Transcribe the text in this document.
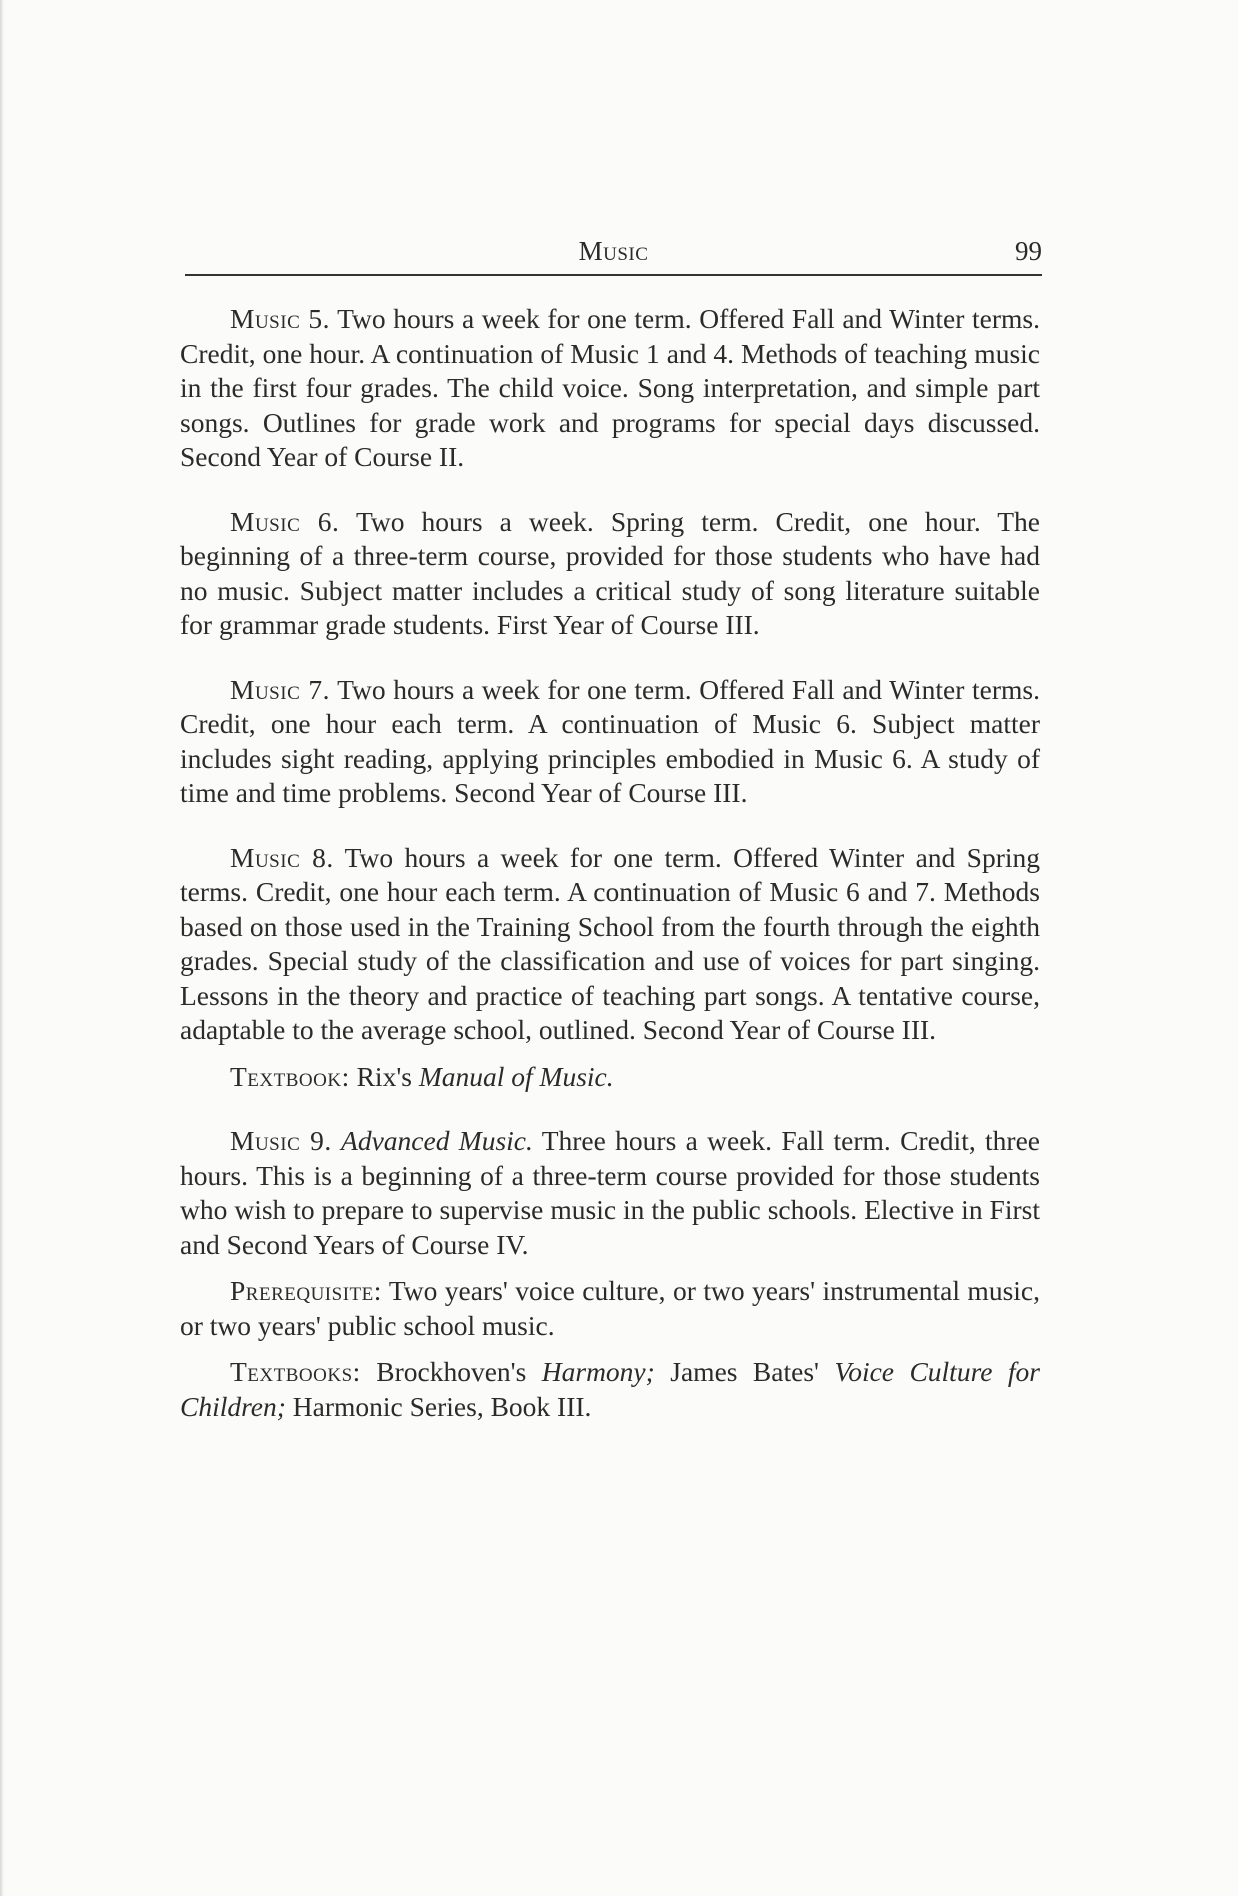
Music	99

Music 5. Two hours a week for one term. Offered Fall and Winter terms. Credit, one hour. A continuation of Music 1 and 4. Methods of teaching music in the first four grades. The child voice. Song interpretation, and simple part songs. Outlines for grade work and programs for special days discussed. Second Year of Course II.

Music 6. Two hours a week. Spring term. Credit, one hour. The beginning of a three-term course, provided for those students who have had no music. Subject matter includes a critical study of song literature suitable for grammar grade students. First Year of Course III.

Music 7. Two hours a week for one term. Offered Fall and Winter terms. Credit, one hour each term. A continuation of Music 6. Subject matter includes sight reading, applying principles embodied in Music 6. A study of time and time problems. Second Year of Course III.

Music 8. Two hours a week for one term. Offered Winter and Spring terms. Credit, one hour each term. A continuation of Music 6 and 7. Methods based on those used in the Training School from the fourth through the eighth grades. Special study of the classification and use of voices for part singing. Lessons in the theory and practice of teaching part songs. A tentative course, adaptable to the average school, outlined. Second Year of Course III.

Textbook: Rix's Manual of Music.

Music 9. Advanced Music. Three hours a week. Fall term. Credit, three hours. This is a beginning of a three-term course provided for those students who wish to prepare to supervise music in the public schools. Elective in First and Second Years of Course IV.

Prerequisite: Two years' voice culture, or two years' instrumental music, or two years' public school music.

Textbooks: Brockhoven's Harmony; James Bates' Voice Culture for Children; Harmonic Series, Book III.
